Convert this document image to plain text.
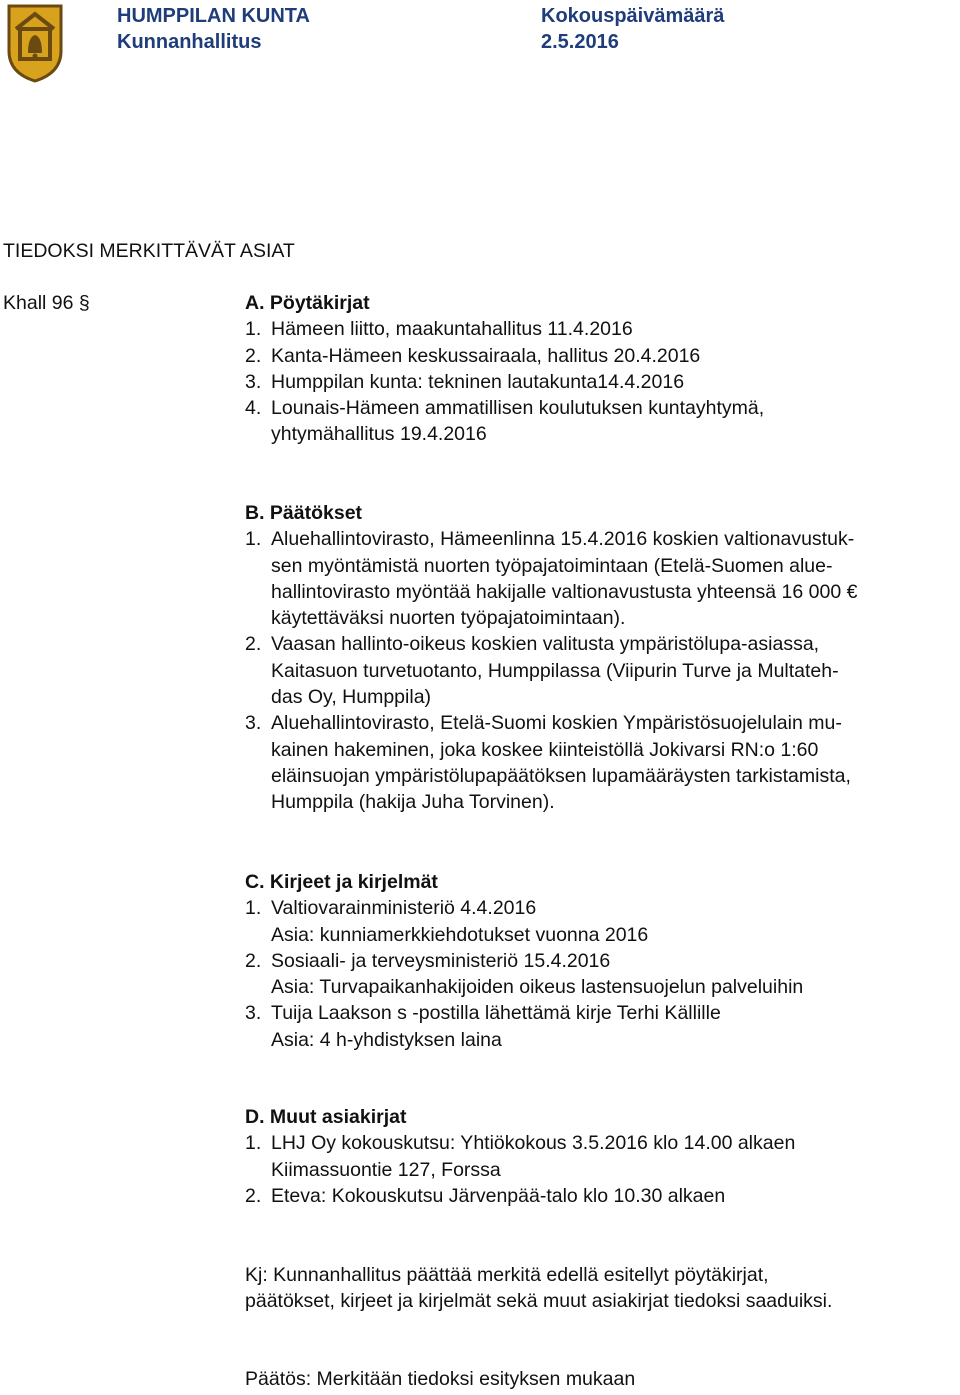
HUMPPILAN KUNTA
Kunnanhallitus
Kokouspäivämäärä
2.5.2016
TIEDOKSI MERKITTÄVÄT ASIAT
Khall 96 §	A. Pöytäkirjat
1. Hämeen liitto, maakuntahallitus 11.4.2016
2. Kanta-Hämeen keskussairaala, hallitus 20.4.2016
3. Humppilan kunta: tekninen lautakunta14.4.2016
4. Lounais-Hämeen ammatillisen koulutuksen kuntayhtymä,
yhtymähallitus 19.4.2016
B. Päätökset
1. Aluehallintovirasto, Hämeenlinna 15.4.2016 koskien valtionavustuk-
sen myöntämistä nuorten työpajatoimintaan (Etelä-Suomen alue-
hallintovirasto myöntää hakijalle valtionavustusta yhteensä 16 000 €
käytettäväksi nuorten työpajatoimintaan).
2. Vaasan hallinto-oikeus koskien valitusta ympäristölupa-asiassa,
Kaitasuon turvetuotanto, Humppilassa (Viipurin Turve ja Multateh-
das Oy, Humppila)
3. Aluehallintovirasto, Etelä-Suomi koskien Ympäristösuojelulain mu-
kainen hakeminen, joka koskee kiinteistöllä Jokivarsi RN:o 1:60
eläinsuojan ympäristölupapäätöksen lupamääräysten tarkistamista,
Humppila (hakija Juha Torvinen).
C. Kirjeet ja kirjelmät
1. Valtiovarainministeriö 4.4.2016
Asia: kunniamerkkiehdotukset vuonna 2016
2. Sosiaali- ja terveysministeriö 15.4.2016
Asia: Turvapaikanhakijoiden oikeus lastensuojelun palveluihin
3. Tuija Laakson s -postilla lähettämä kirje Terhi Källille
Asia: 4 h-yhdistyksen laina
D. Muut asiakirjat
1. LHJ Oy kokouskutsu: Yhtiökokous 3.5.2016 klo 14.00 alkaen
Kiimassuontie 127, Forssa
2. Eteva: Kokouskutsu Järvenpää-talo klo 10.30 alkaen
Kj: Kunnanhallitus päättää merkitä edellä esitellyt pöytäkirjat,
päätökset, kirjeet ja kirjelmät sekä muut asiakirjat tiedoksi saaduiksi.
Päätös: Merkitään tiedoksi esityksen mukaan
